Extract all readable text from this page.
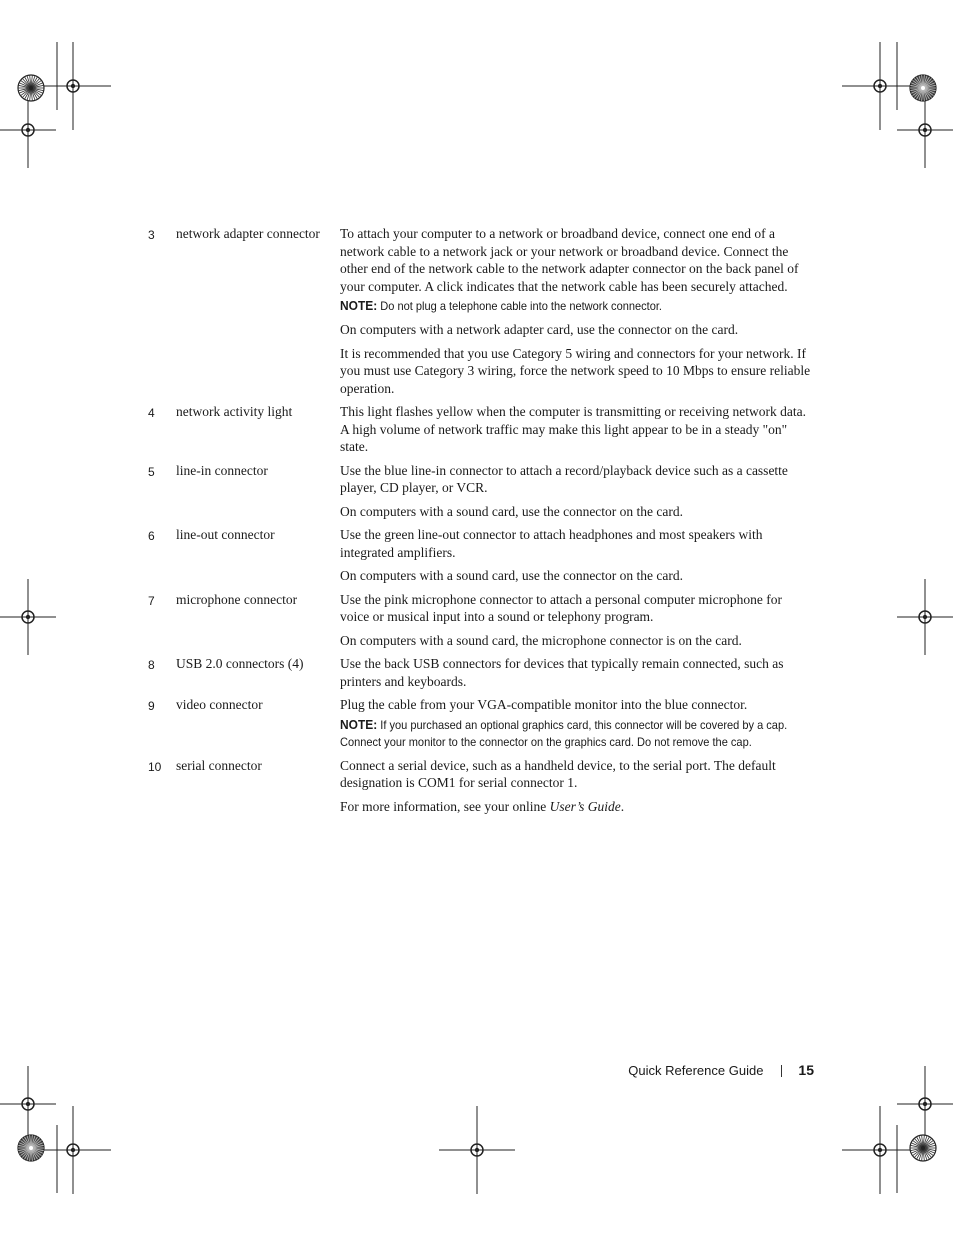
3	network adapter connector	To attach your computer to a network or broadband device, connect one end of a network cable to a network jack or your network or broadband device. Connect the other end of the network cable to the network adapter connector on the back panel of your computer. A click indicates that the network cable has been securely attached.

NOTE: Do not plug a telephone cable into the network connector.

On computers with a network adapter card, use the connector on the card.

It is recommended that you use Category 5 wiring and connectors for your network. If you must use Category 3 wiring, force the network speed to 10 Mbps to ensure reliable operation.

4	network activity light	This light flashes yellow when the computer is transmitting or receiving network data. A high volume of network traffic may make this light appear to be in a steady "on" state.

5	line-in connector	Use the blue line-in connector to attach a record/playback device such as a cassette player, CD player, or VCR.

On computers with a sound card, use the connector on the card.

6	line-out connector	Use the green line-out connector to attach headphones and most speakers with integrated amplifiers.

On computers with a sound card, use the connector on the card.

7	microphone connector	Use the pink microphone connector to attach a personal computer microphone for voice or musical input into a sound or telephony program.

On computers with a sound card, the microphone connector is on the card.

8	USB 2.0 connectors (4)	Use the back USB connectors for devices that typically remain connected, such as printers and keyboards.

9	video connector	Plug the cable from your VGA-compatible monitor into the blue connector.

NOTE: If you purchased an optional graphics card, this connector will be covered by a cap. Connect your monitor to the connector on the graphics card. Do not remove the cap.

10	serial connector	Connect a serial device, such as a handheld device, to the serial port. The default designation is COM1 for serial connector 1.

For more information, see your online User’s Guide.

Quick Reference Guide	15
